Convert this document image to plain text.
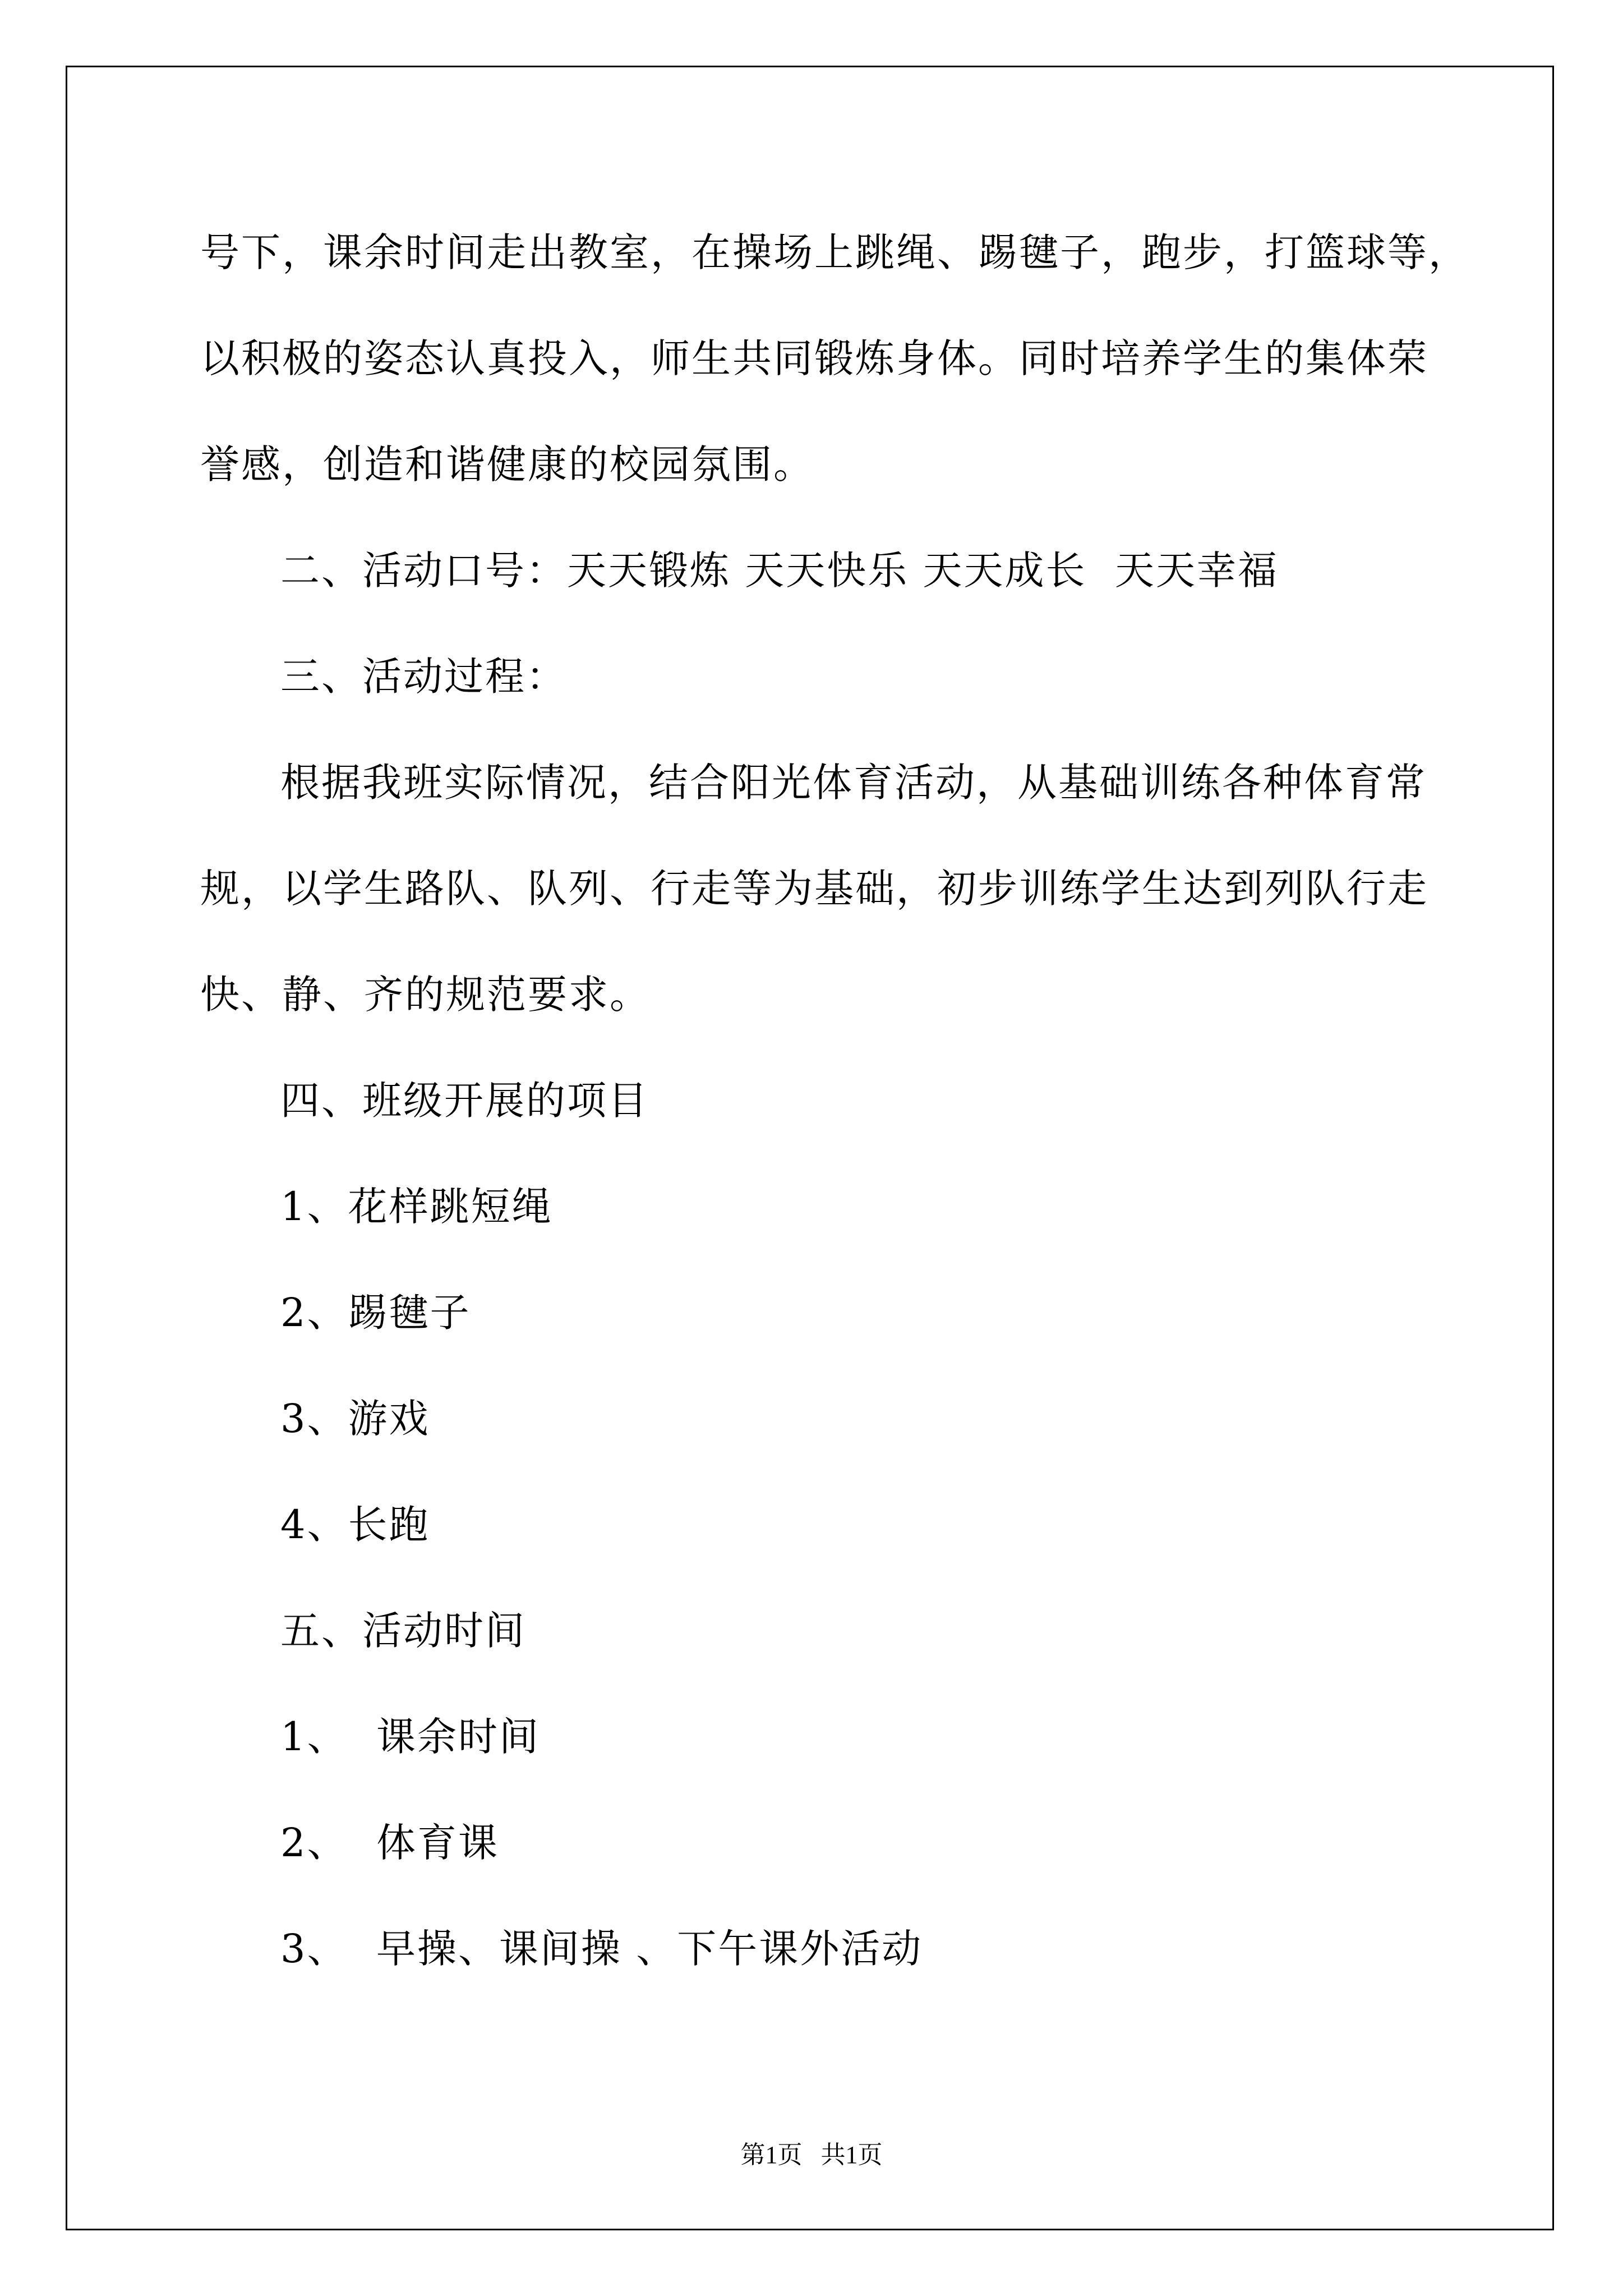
号下，课余时间走出教室，在操场上跳绳、踢毽子，跑步，打篮球等，

以积极的姿态认真投入，师生共同锻炼身体。同时培养学生的集体荣

誉感，创造和谐健康的校园氛围。

二、活动口号：天天锻炼 天天快乐 天天成长  天天幸福

三、活动过程：

根据我班实际情况，结合阳光体育活动，从基础训练各种体育常

规，以学生路队、队列、行走等为基础，初步训练学生达到列队行走

快、静、齐的规范要求。

四、班级开展的项目

1、花样跳短绳

2、踢毽子

3、游戏

4、长跑

五、活动时间

1、  课余时间

2、  体育课

3、  早操、课间操 、下午课外活动

第1页   共1页
